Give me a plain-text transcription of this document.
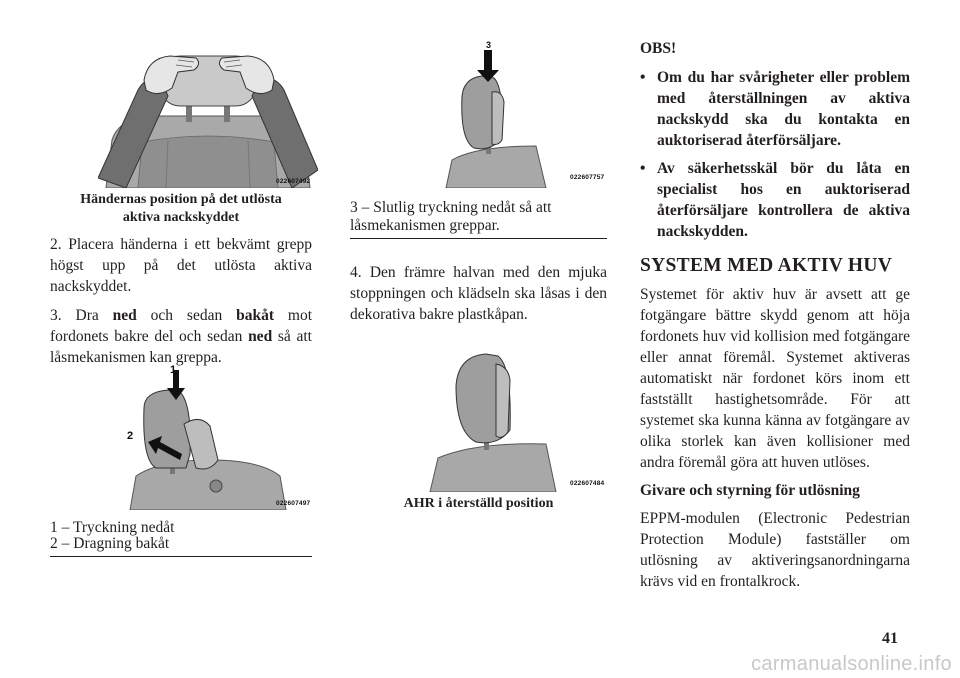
022607492
Händernas position på det utlösta
aktiva nackskyddet

2. Placera händerna i ett bekvämt grepp högst upp på det utlösta aktiva nackskyddet.

3. Dra ned och sedan bakåt mot fordonets bakre del och sedan ned så att låsmekanismen kan greppa.

1
2
022607497
1 – Tryckning nedåt
2 – Dragning bakåt
3
022607757
3 – Slutlig tryckning nedåt så att
låsmekanismen greppar.

4. Den främre halvan med den mjuka stoppningen och klädseln ska låsas i den dekorativa bakre plastkåpan.

022607484
AHR i återställd position

OBS!

• Om du har svårigheter eller problem med återställningen av aktiva nackskydd ska du kontakta en auktoriserad återförsäljare.

• Av säkerhetsskäl bör du låta en specialist hos en auktoriserad återförsäljare kontrollera de aktiva nackskydden.

SYSTEM MED AKTIV HUV

Systemet för aktiv huv är avsett att ge fotgängare bättre skydd genom att höja fordonets huv vid kollision med fotgängare eller annat föremål. Systemet aktiveras automatiskt när fordonet körs inom ett fastställt hastighetsområde. För att systemet ska kunna känna av fotgängare av olika storlek kan även kollisioner med andra föremål göra att huven utlöses.

Givare och styrning för utlösning

EPPM-modulen (Electronic Pedestrian Protection Module) fastställer om utlösning av aktiveringsanordningarna krävs vid en frontalkrock.

41
carmanualsonline.info
